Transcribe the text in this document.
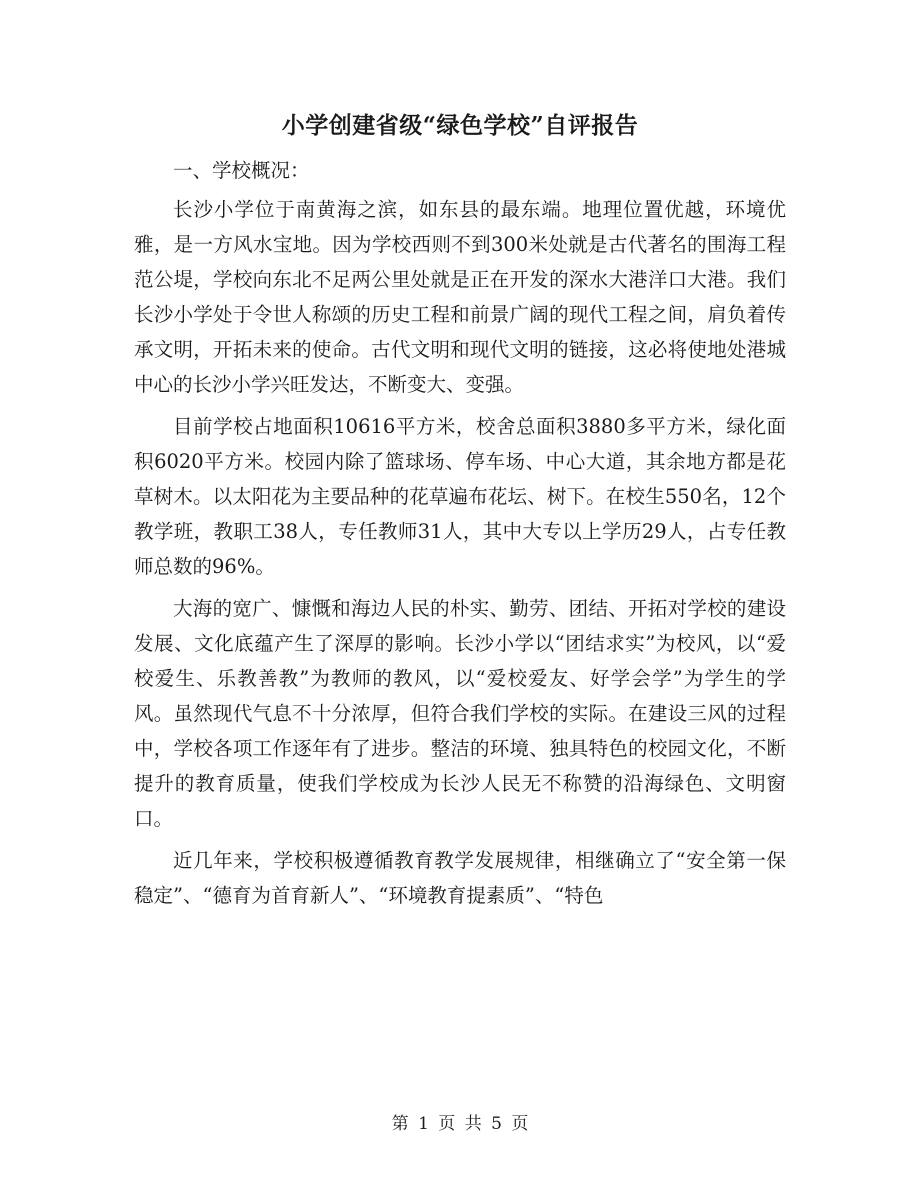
小学创建省级“绿色学校”自评报告

一、学校概况：

长沙小学位于南黄海之滨，如东县的最东端。地理位置优越，环境优雅，是一方风水宝地。因为学校西则不到300米处就是古代著名的围海工程范公堤，学校向东北不足两公里处就是正在开发的深水大港洋口大港。我们长沙小学处于令世人称颂的历史工程和前景广阔的现代工程之间，肩负着传承文明，开拓未来的使命。古代文明和现代文明的链接，这必将使地处港城中心的长沙小学兴旺发达，不断变大、变强。

目前学校占地面积10616平方米，校舍总面积3880多平方米，绿化面积6020平方米。校园内除了篮球场、停车场、中心大道，其余地方都是花草树木。以太阳花为主要品种的花草遍布花坛、树下。在校生550名，12个教学班，教职工38人，专任教师31人，其中大专以上学历29人，占专任教师总数的96%。

大海的宽广、慷慨和海边人民的朴实、勤劳、团结、开拓对学校的建设发展、文化底蕴产生了深厚的影响。长沙小学以“团结求实”为校风，以“爱校爱生、乐教善教”为教师的教风，以“爱校爱友、好学会学”为学生的学风。虽然现代气息不十分浓厚，但符合我们学校的实际。在建设三风的过程中，学校各项工作逐年有了进步。整洁的环境、独具特色的校园文化，不断提升的教育质量，使我们学校成为长沙人民无不称赞的沿海绿色、文明窗口。

近几年来，学校积极遵循教育教学发展规律，相继确立了“安全第一保稳定”、“德育为首育新人”、“环境教育提素质”、“特色

第 1 页 共 5 页
